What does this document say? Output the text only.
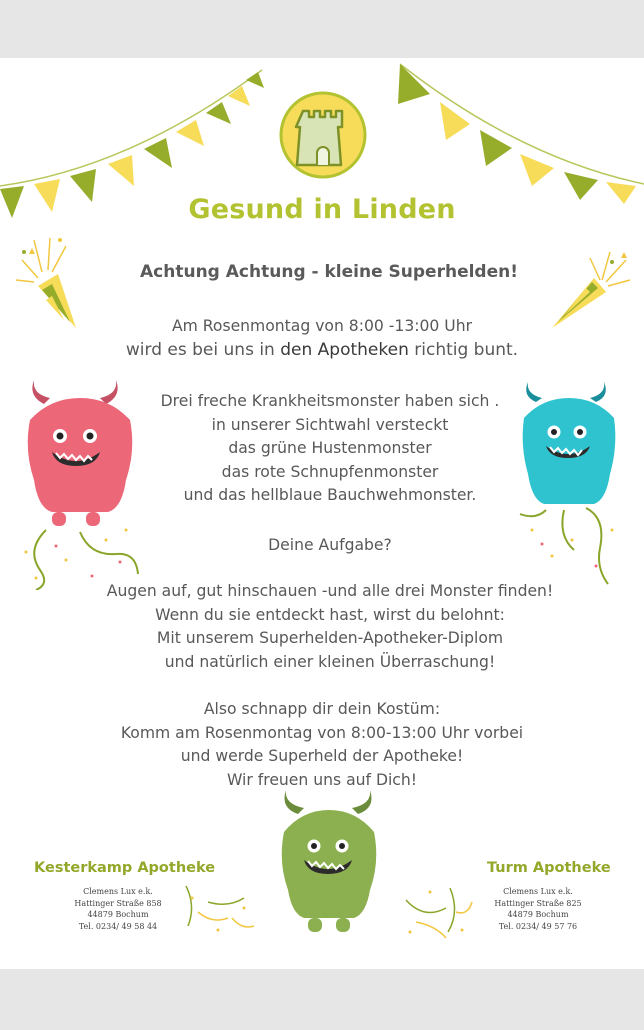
Gesund in Linden
Achtung Achtung - kleine Superhelden!
Am Rosenmontag von 8:00 -13:00 Uhr
wird es bei uns in den Apotheken richtig bunt.
Drei freche Krankheitsmonster haben sich .
in unserer Sichtwahl versteckt
das grüne Hustenmonster
das rote Schnupfenmonster
und das hellblaue Bauchwehmonster.
Deine Aufgabe?
Augen auf, gut hinschauen -und alle drei Monster finden!
Wenn du sie entdeckt hast, wirst du belohnt:
Mit unserem Superhelden-Apotheker-Diplom
und natürlich einer kleinen Überraschung!
Also schnapp dir dein Kostüm:
Komm am Rosenmontag von 8:00-13:00 Uhr vorbei
und werde Superheld der Apotheke!
Wir freuen uns auf Dich!
Kesterkamp Apotheke
Clemens Lux e.k.
Hattinger Straße 858
44879 Bochum
Tel. 0234/ 49 58 44
Turm Apotheke
Clemens Lux e.k.
Hattinger Straße 825
44879 Bochum
Tel. 0234/ 49 57 76
